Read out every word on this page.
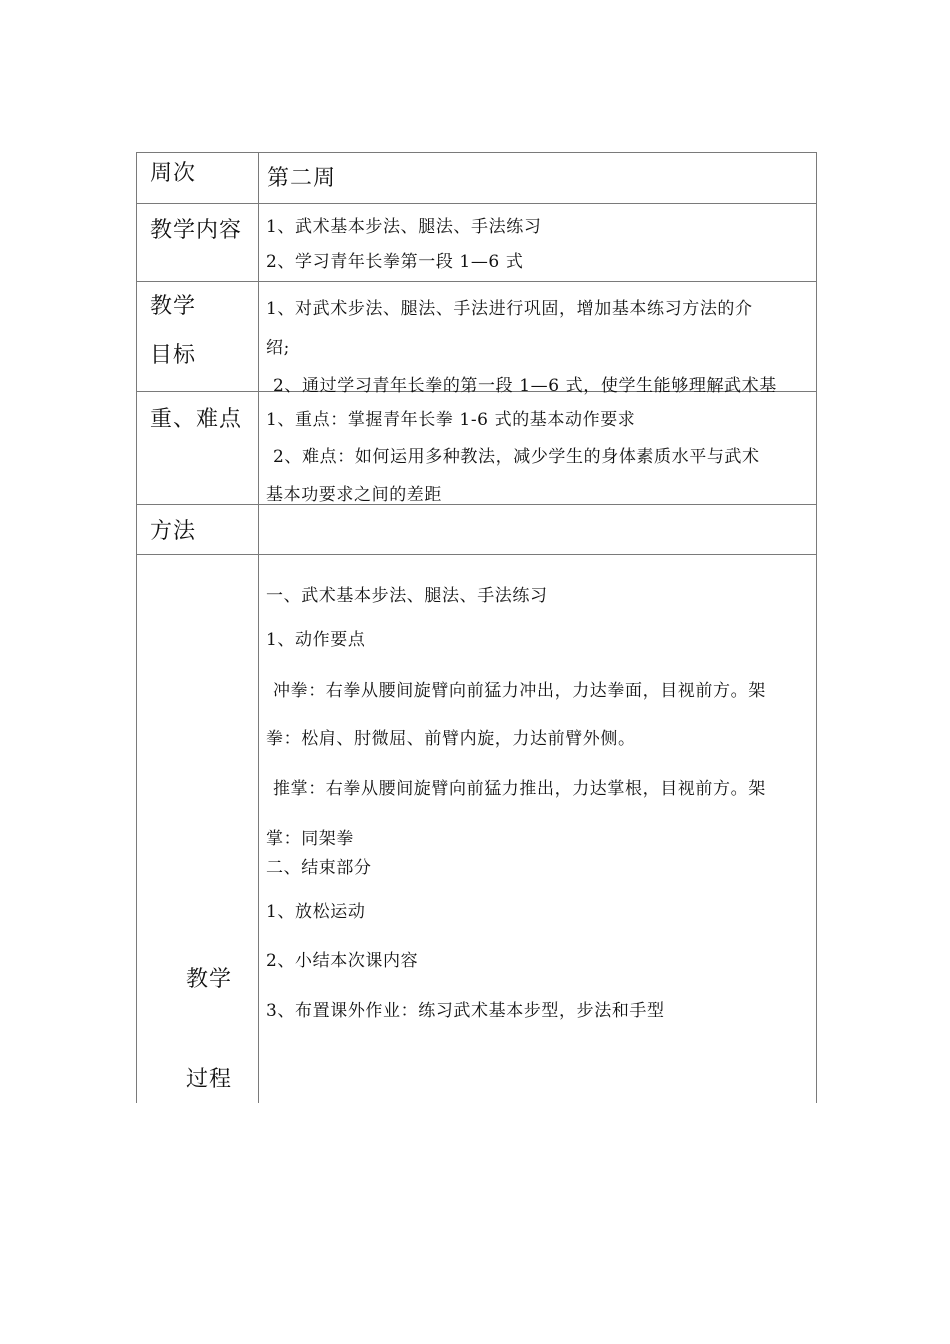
周次	第二周
教学内容 1、武术基本步法、腿法、手法练习
2、学习青年长拳第一段 1—6 式
教学
目标
1、对武术步法、腿法、手法进行巩固，增加基本练习方法的介
绍;
2、通过学习青年长拳的第一段 1—6 式，使学生能够理解武术基
重、难点 1、重点：掌握青年长拳 1-6 式的基本动作要求
2、难点：如何运用多种教法，减少学生的身体素质水平与武术
基本功要求之间的差距
方法
教学
过程
一、武术基本步法、腿法、手法练习
1、动作要点
冲拳：右拳从腰间旋臂向前猛力冲出，力达拳面，目视前方。架
拳：松肩、肘微屈、前臂内旋，力达前臂外侧。
推掌：右拳从腰间旋臂向前猛力推出，力达掌根，目视前方。架
掌：同架拳
二、结束部分
1、放松运动
2、小结本次课内容
3、布置课外作业：练习武术基本步型，步法和手型
